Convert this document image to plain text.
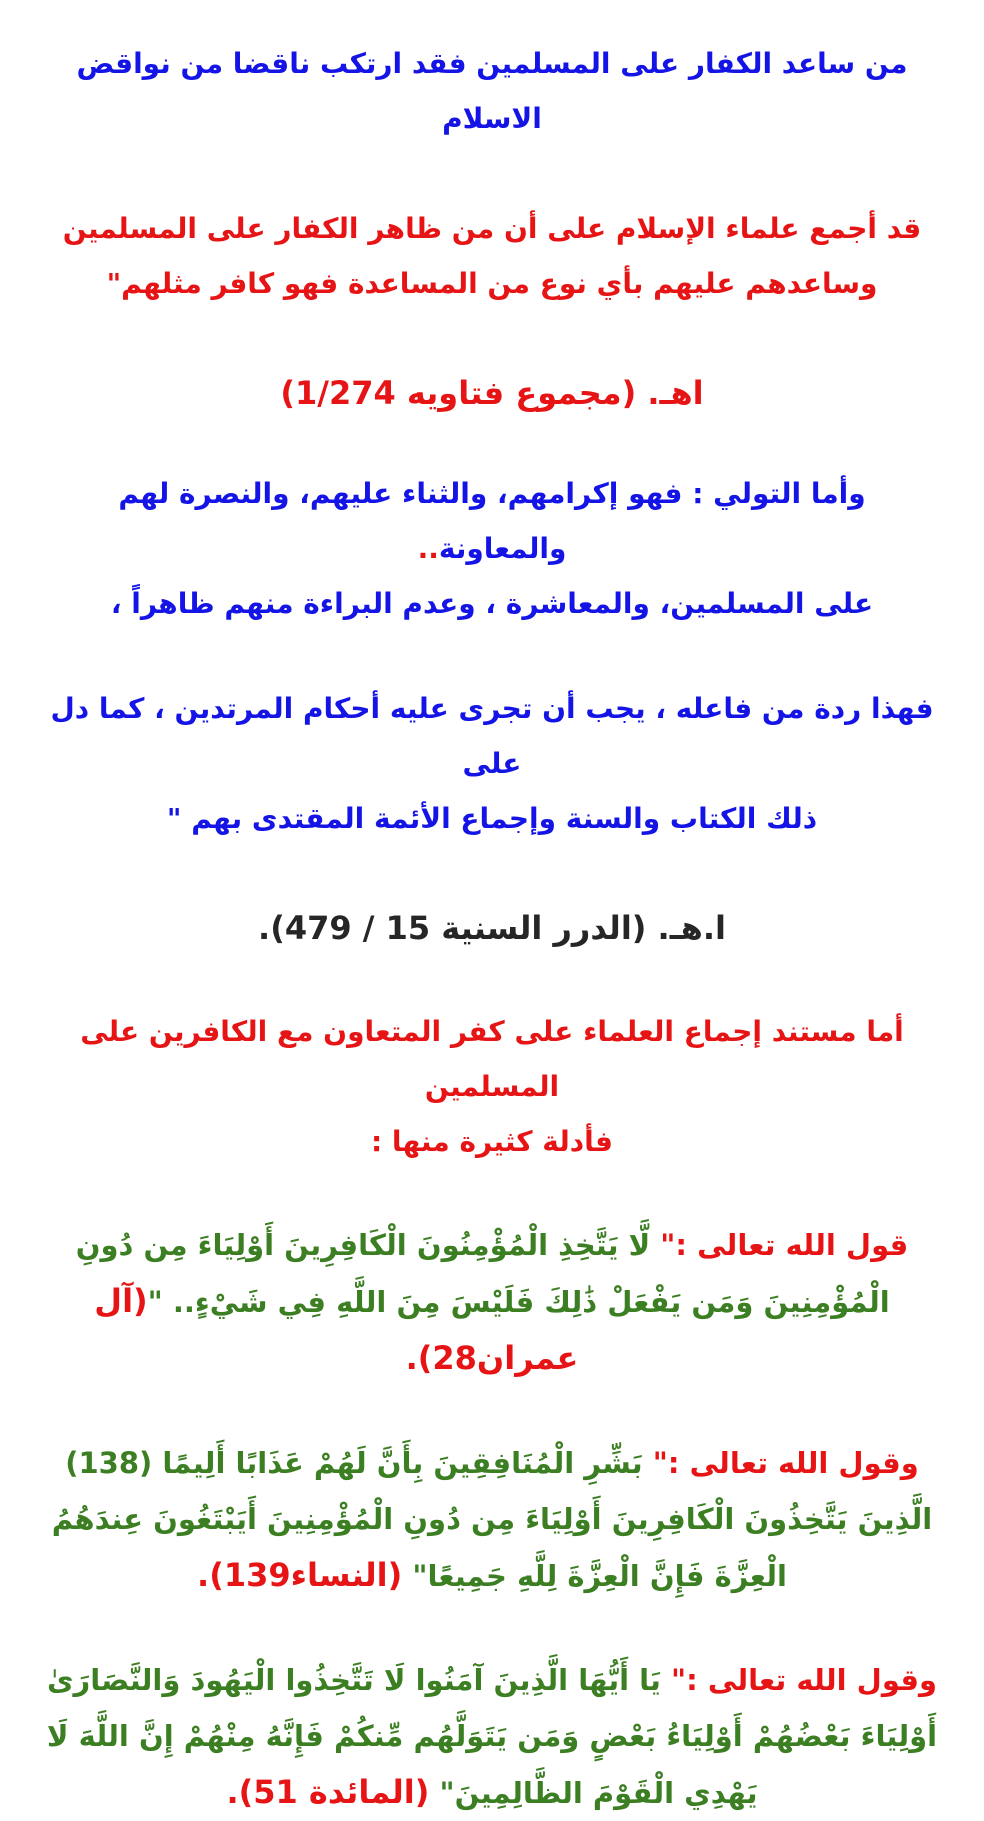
من ساعد الكفار على المسلمين فقد ارتكب ناقضا من نواقض الاسلام
قد أجمع علماء الإسلام على أن من ظاهر الكفار على المسلمين
وساعدهم عليهم بأي نوع من المساعدة فهو كافر مثلهم"
اهـ. (مجموع فتاويه 1/274)
وأما التولي : فهو إكرامهم، والثناء عليهم، والنصرة لهم والمعاونة..
على المسلمين، والمعاشرة ، وعدم البراءة منهم ظاهراً ،
فهذا ردة من فاعله ، يجب أن تجرى عليه أحكام المرتدين ، كما دل على
ذلك الكتاب والسنة وإجماع الأئمة المقتدى بهم "
ا.هـ. (الدرر السنية 15 / 479).
أما مستند إجماع العلماء على كفر المتعاون مع الكافرين على المسلمين
فأدلة كثيرة منها :
قول الله تعالى :" لَّا يَتَّخِذِ الْمُؤْمِنُونَ الْكَافِرِينَ أَوْلِيَاءَ مِن دُونِ الْمُؤْمِنِينَ وَمَن يَفْعَلْ ذَٰلِكَ فَلَيْسَ مِنَ اللَّهِ فِي شَيْءٍ.. "(آل عمران28).
وقول الله تعالى :" بَشِّرِ الْمُنَافِقِينَ بِأَنَّ لَهُمْ عَذَابًا أَلِيمًا (138) الَّذِينَ يَتَّخِذُونَ الْكَافِرِينَ أَوْلِيَاءَ مِن دُونِ الْمُؤْمِنِينَ أَيَبْتَغُونَ عِندَهُمُ الْعِزَّةَ فَإِنَّ الْعِزَّةَ لِلَّهِ جَمِيعًا" (النساء139).
وقول الله تعالى :" يَا أَيُّهَا الَّذِينَ آمَنُوا لَا تَتَّخِذُوا الْيَهُودَ وَالنَّصَارَىٰ أَوْلِيَاءَ بَعْضُهُمْ أَوْلِيَاءُ بَعْضٍ وَمَن يَتَوَلَّهُم مِّنكُمْ فَإِنَّهُ مِنْهُمْ إِنَّ اللَّهَ لَا يَهْدِي الْقَوْمَ الظَّالِمِينَ" (المائدة 51).
